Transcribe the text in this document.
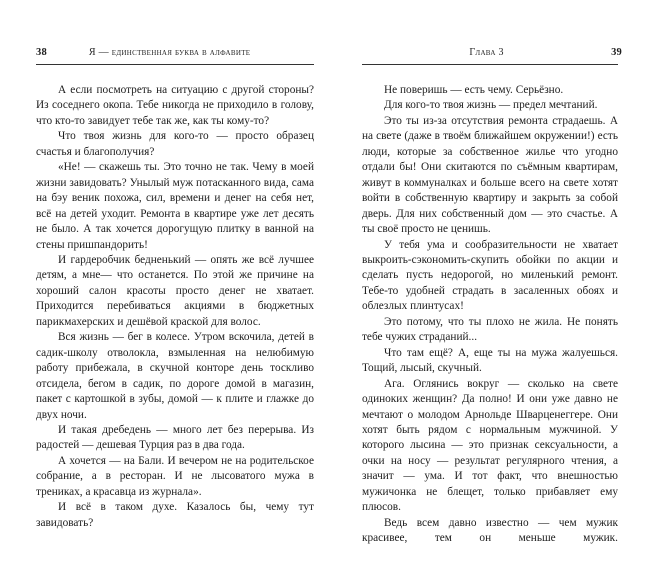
38	Я — единственная буква в алфавите

А если посмотреть на ситуацию с другой стороны? Из соседнего окопа. Тебе никогда не приходило в голову, что кто-то завидует тебе так же, как ты кому-то?

Что твоя жизнь для кого-то — просто образец счастья и благополучия?

«Не! — скажешь ты. Это точно не так. Чему в моей жизни завидовать? Унылый муж потасканного вида, сама на бэу веник похожа, сил, времени и денег на себя нет, всё на детей уходит. Ремонта в квартире уже лет десять не было. А так хочется дорогущую плитку в ванной на стены пришпандорить!

И гардеробчик бедненький — опять же всё лучшее детям, а мне— что останется. По этой же причине на хороший салон красоты просто денег не хватает. Приходится перебиваться акциями в бюджетных парикмахерских и дешёвой краской для волос.

Вся жизнь — бег в колесе. Утром вскочила, детей в садик-школу отволокла, взмыленная на нелюбимую работу прибежала, в скучной конторе день тоскливо отсидела, бегом в садик, по дороге домой в магазин, пакет с картошкой в зубы, домой — к плите и глажке до двух ночи.

И такая дребедень — много лет без перерыва. Из радостей — дешевая Турция раз в два года.

А хочется — на Бали. И вечером не на родительское собрание, а в ресторан. И не лысоватого мужа в трениках, а красавца из журнала».

И всё в таком духе. Казалось бы, чему тут завидовать?

Глава 3	39

Не поверишь — есть чему. Серьёзно.

Для кого-то твоя жизнь — предел мечтаний.

Это ты из-за отсутствия ремонта страдаешь. А на свете (даже в твоём ближайшем окружении!) есть люди, которые за собственное жилье что угодно отдали бы! Они скитаются по съёмным квартирам, живут в коммуналках и больше всего на свете хотят войти в собственную квартиру и закрыть за собой дверь. Для них собственный дом — это счастье. А ты своё просто не ценишь.

У тебя ума и сообразительности не хватает выкроить-сэкономить-скупить обойки по акции и сделать пусть недорогой, но миленький ремонт. Тебе-то удобней страдать в засаленных обоях и облезлых плинтусах!

Это потому, что ты плохо не жила. Не понять тебе чужих страданий...

Что там ещё? А, еще ты на мужа жалуешься. Тощий, лысый, скучный.

Ага. Оглянись вокруг — сколько на свете одиноких женщин? Да полно! И они уже давно не мечтают о молодом Арнольде Шварценеггере. Они хотят быть рядом с нормальным мужчиной. У которого лысина — это признак сексуальности, а очки на носу — результат регулярного чтения, а значит — ума. И тот факт, что внешностью мужичонка не блещет, только прибавляет ему плюсов.

Ведь всем давно известно — чем мужик красивее, тем он меньше мужик.
